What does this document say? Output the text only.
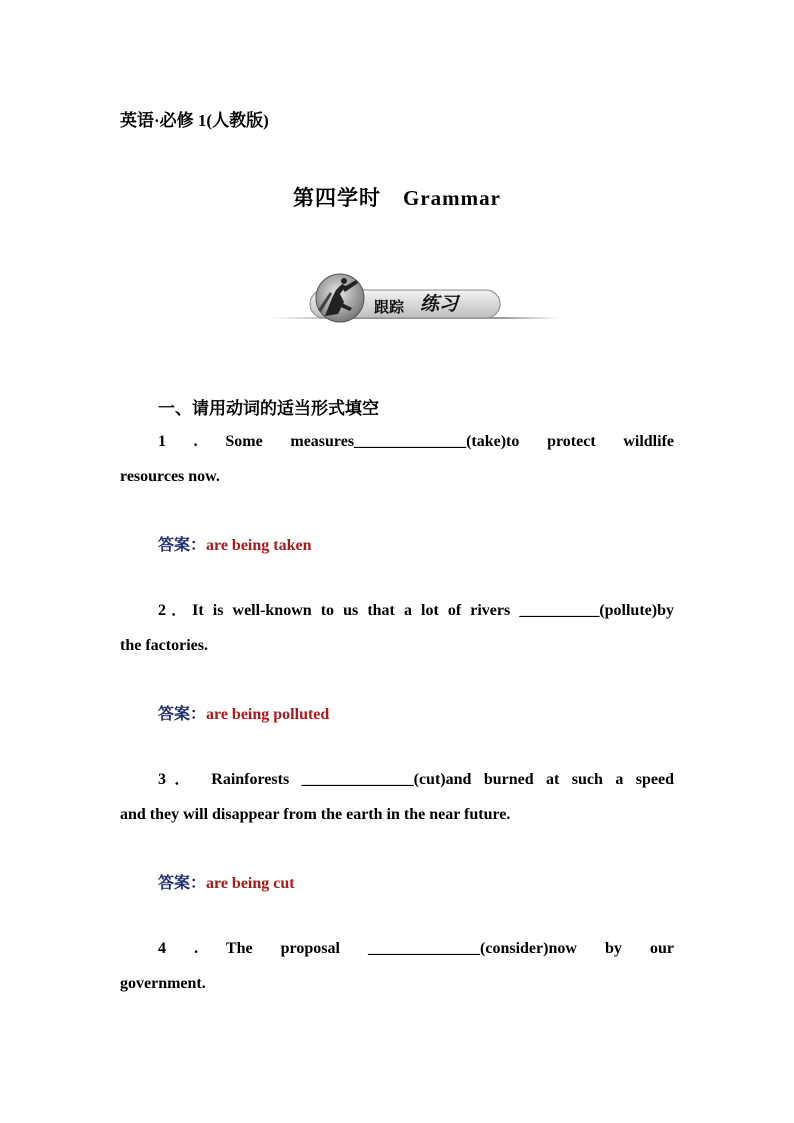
英语·必修 1(人教版)
第四学时 Grammar
跟踪 练习
一、请用动词的适当形式填空
1 . Some measures______________(take)to protect wildlife
resources now.
答案：are being taken
2．It is well-known to us that a lot of rivers __________(pollute)by
the factories.
答案：are being polluted
3． Rainforests ______________(cut)and burned at such a speed
and they will disappear from the earth in the near future.
答案：are being cut
4 . The proposal ______________(consider)now by our
government.
